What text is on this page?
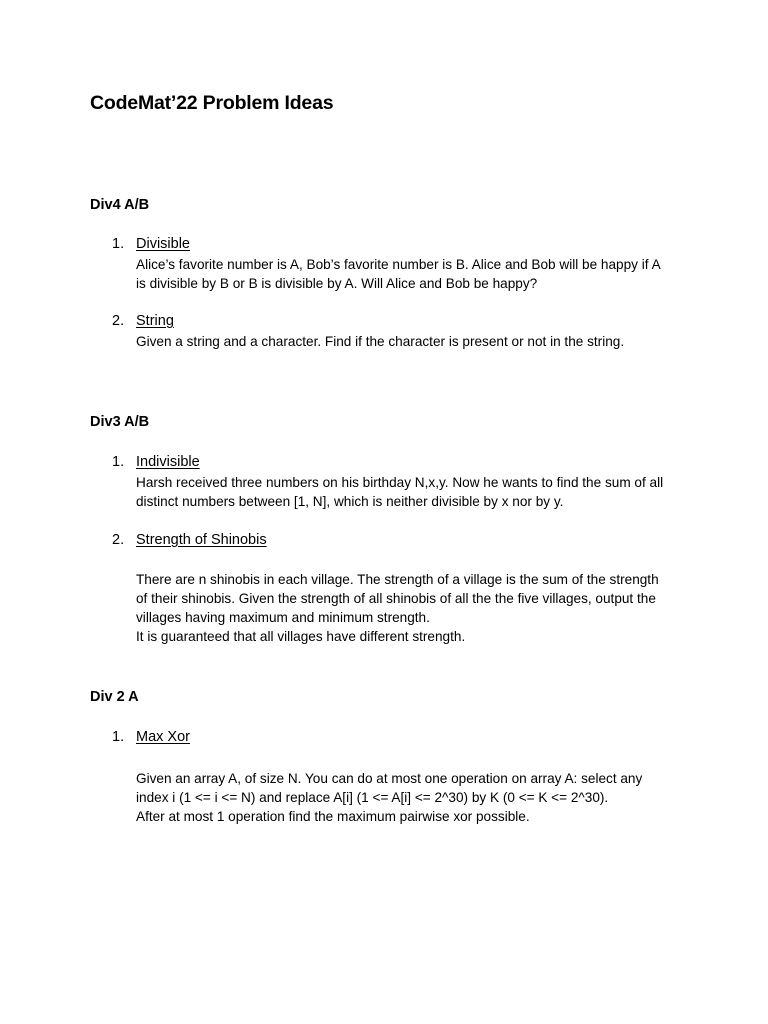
CodeMat’22 Problem Ideas
Div4 A/B
1. Divisible
Alice’s favorite number is A, Bob’s favorite number is B. Alice and Bob will be happy if A
is divisible by B or B is divisible by A. Will Alice and Bob be happy?
2. String
Given a string and a character. Find if the character is present or not in the string.
Div3 A/B
1. Indivisible
Harsh received three numbers on his birthday N,x,y. Now he wants to find the sum of all
distinct numbers between [1, N], which is neither divisible by x nor by y.
2. Strength of Shinobis
There are n shinobis in each village. The strength of a village is the sum of the strength
of their shinobis. Given the strength of all shinobis of all the the five villages, output the
villages having maximum and minimum strength.
It is guaranteed that all villages have different strength.
Div 2 A
1. Max Xor
Given an array A, of size N. You can do at most one operation on array A: select any
index i (1 <= i <= N) and replace A[i] (1 <= A[i] <= 2^30) by K (0 <= K <= 2^30).
After at most 1 operation find the maximum pairwise xor possible.
